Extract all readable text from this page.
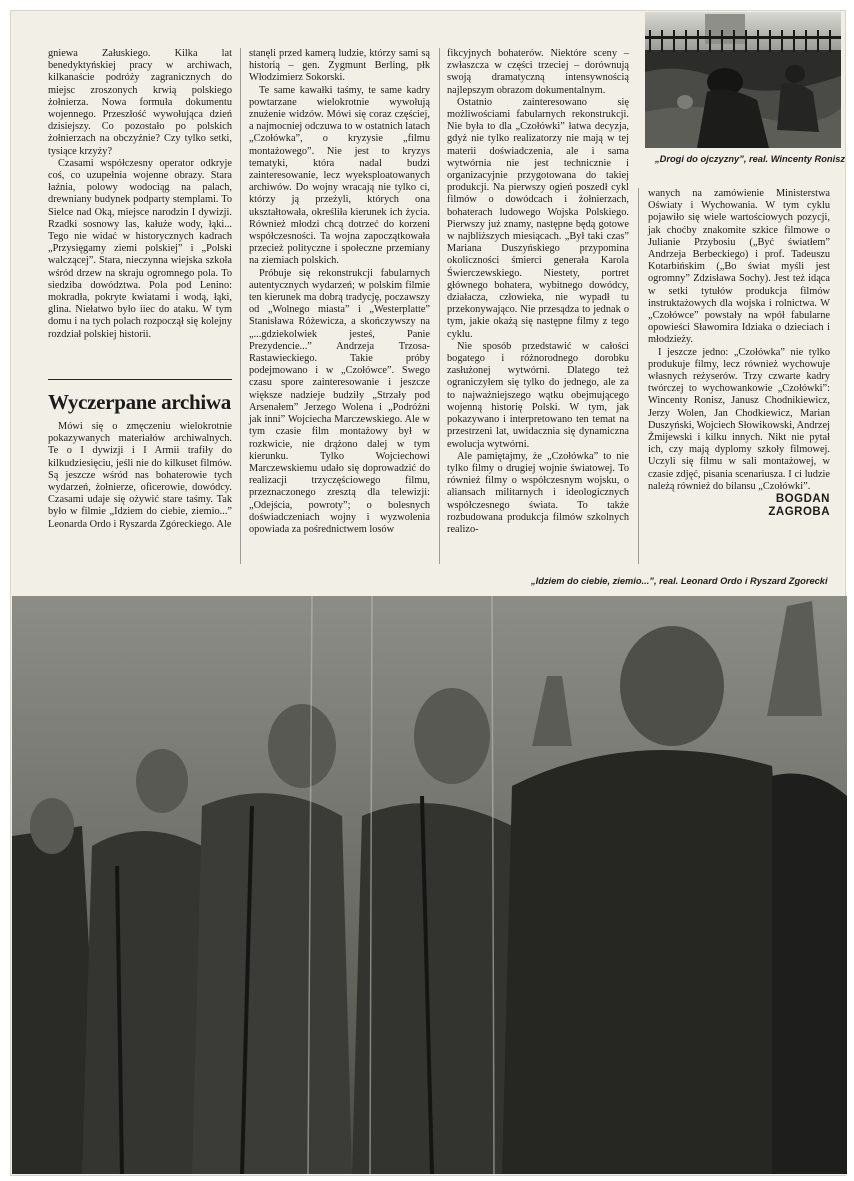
„Drogi do ojczyzny”, real. Wincenty Ronisz

gniewa Załuskiego. Kilka lat benedyktyńskiej pracy w archiwach, kilkanaście podróży zagranicznych do miejsc zroszonych krwią polskiego żołnierza. Nowa formuła dokumentu wojennego. Przeszłość wywołująca dzień dzisiejszy. Co pozostało po polskich żołnierzach na obczyźnie? Czy tylko setki, tysiące krzyży?

Czasami współczesny operator odkryje coś, co uzupełnia wojenne obrazy. Stara łaźnia, polowy wodociąg na palach, drewniany budynek podparty stemplami. To Sielce nad Oką, miejsce narodzin I dywizji. Rzadki sosnowy las, kałuże wody, łąki... Tego nie widać w historycznych kadrach „Przysięgamy ziemi polskiej” i „Polski walczącej”. Stara, nieczynna wiejska szkoła wśród drzew na skraju ogromnego pola. To siedziba dowództwa. Pola pod Lenino: mokradła, pokryte kwiatami i wodą, łąki, glina. Niełatwo było iiec do ataku. W tym domu i na tych polach rozpoczął się kolejny rozdział polskiej historii.

Wyczerpane archiwa

Mówi się o zmęczeniu wielokrotnie pokazywanych materiałów archiwalnych. Te o I dywizji i I Armii trafiły do kilkudziesięciu, jeśli nie do kilkuset filmów. Są jeszcze wśród nas bohaterowie tych wydarzeń, żołnierze, oficerowie, dowódcy. Czasami udaje się ożywić stare taśmy. Tak było w filmie „Idziem do ciebie, ziemio...” Leonarda Ordo i Ryszarda Zgóreckiego. Ale

stanęli przed kamerą ludzie, którzy sami są historią – gen. Zygmunt Berling, płk Włodzimierz Sokorski.

Te same kawałki taśmy, te same kadry powtarzane wielokrotnie wywołują znużenie widzów. Mówi się coraz częściej, a najmocniej odczuwa to w ostatnich latach „Czołówka”, o kryzysie „filmu montażowego”. Nie jest to kryzys tematyki, która nadal budzi zainteresowanie, lecz wyeksploatowanych archiwów. Do wojny wracają nie tylko ci, którzy ją przeżyli, których ona ukształtowała, określiła kierunek ich życia. Również młodzi chcą dotrzeć do korzeni współczesności. Ta wojna zapoczątkowała przecież polityczne i społeczne przemiany na ziemiach polskich.

Próbuje się rekonstrukcji fabularnych autentycznych wydarzeń; w polskim filmie ten kierunek ma dobrą tradycję, poczawszy od „Wolnego miasta” i „Westerplatte” Stanisława Różewicza, a skończywszy na „...gdziekolwiek jesteś, Panie Prezydencie...” Andrzeja Trzosa-Rastawieckiego. Takie próby podejmowano i w „Czołówce”. Swego czasu spore zainteresowanie i jeszcze większe nadzieje budziły „Strzały pod Arsenałem” Jerzego Wolena i „Podróżni jak inni” Wojciecha Marczewskiego. Ale w tym czasie film montażowy był w rozkwicie, nie drążono dalej w tym kierunku. Tylko Wojciechowi Marczewskiemu udało się doprowadzić do realizacji trzyczęściowego filmu, przeznaczonego zresztą dla telewizji: „Odejścia, powroty”; o bolesnych doświadczeniach wojny i wyzwolenia opowiada za pośrednictwem losów

fikcyjnych bohaterów. Niektóre sceny – zwłaszcza w części trzeciej – dorównują swoją dramatyczną intensywnością najlepszym obrazom dokumentalnym.

Ostatnio zainteresowano się możliwościami fabularnych rekonstrukcji. Nie była to dla „Czołówki” łatwa decyzja, gdyż nie tylko realizatorzy nie mają w tej materii doświadczenia, ale i sama wytwórnia nie jest technicznie i organizacyjnie przygotowana do takiej produkcji. Na pierwszy ogień poszedł cykl filmów o dowódcach i żołnierzach, bohaterach ludowego Wojska Polskiego. Pierwszy już znamy, następne będą gotowe w najbliższych miesiącach. „Był taki czas” Mariana Duszyńskiego przypomina okoliczności śmierci generała Karola Świerczewskiego. Niestety, portret głównego bohatera, wybitnego dowódcy, działacza, człowieka, nie wypadł tu przekonywająco. Nie przesądza to jednak o tym, jakie okażą się następne filmy z tego cyklu.

Nie sposób przedstawić w całości bogatego i różnorodnego dorobku zasłużonej wytwórni. Dlatego też ograniczyłem się tylko do jednego, ale za to najważniejszego wątku obejmującego wojenną historię Polski. W tym, jak pokazywano i interpretowano ten temat na przestrzeni lat, uwidacznia się dynamiczna ewolucja wytwórni.

Ale pamiętajmy, że „Czołówka” to nie tylko filmy o drugiej wojnie światowej. To również filmy o współczesnym wojsku, o aliansach militarnych i ideologicznych współczesnego świata. To także rozbudowana produkcja filmów szkolnych realizo-

wanych na zamówienie Ministerstwa Oświaty i Wychowania. W tym cyklu pojawiło się wiele wartościowych pozycji, jak choćby znakomite szkice filmowe o Julianie Przybosiu („Być światłem” Andrzeja Berbeckiego) i prof. Tadeuszu Kotarbińskim („Bo świat myśli jest ogromny” Zdzisława Sochy). Jest też idąca w setki tytułów produkcja filmów instruktażowych dla wojska i rolnictwa. W „Czołówce” powstały na wpół fabularne opowieści Sławomira Idziaka o dzieciach i młodzieży.

I jeszcze jedno: „Czołówka” nie tylko produkuje filmy, lecz również wychowuje własnych reżyserów. Trzy czwarte kadry twórczej to wychowankowie „Czołówki”: Wincenty Ronisz, Janusz Chodnikiewicz, Jerzy Wolen, Jan Chodkiewicz, Marian Duszyński, Wojciech Słowikowski, Andrzej Żmijewski i kilku innych. Nikt nie pytał ich, czy mają dyplomy szkoły filmowej. Uczyli się filmu w sali montażowej, w czasie zdjęć, pisania scenariusza. I ci ludzie należą również do bilansu „Czołówki”.

BOGDAN
ZAGROBA

„Idziem do ciebie, ziemio...”, real. Leonard Ordo i Ryszard Zgorecki
